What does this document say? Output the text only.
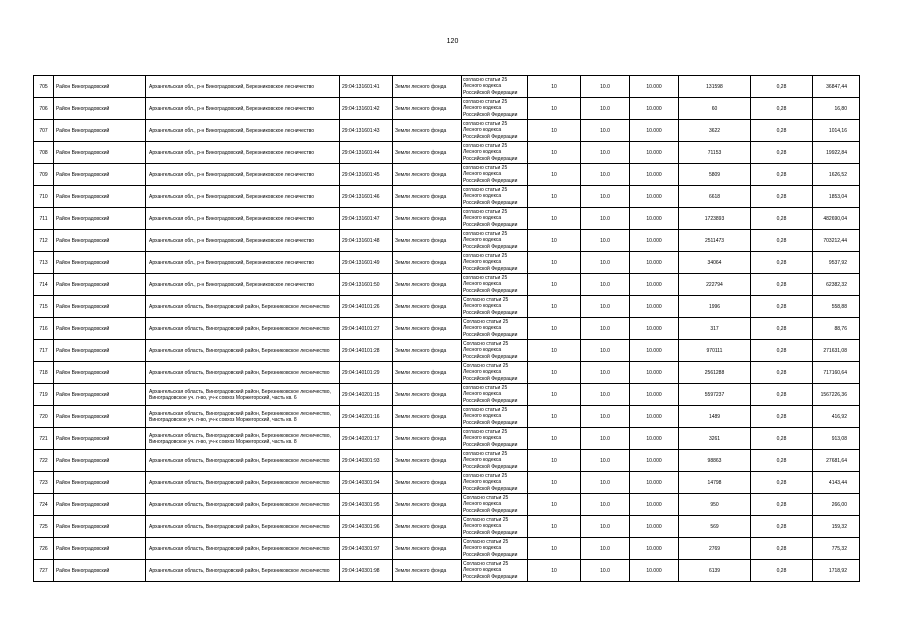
120
705	Район Виноградовский	Архангельская обл., р-н Виноградовский, Березниковское лесничество	29:04:131601:41	Земли лесного фонда	согласно статьи 25 Лесного кодекса Российской Федерации	10	10.0	10.000	131598	0,28	36847,44
706	Район Виноградовский	Архангельская обл., р-н Виноградовский, Березниковское лесничество	29:04:131601:42	Земли лесного фонда	согласно статьи 25 Лесного кодекса Российской Федерации	10	10.0	10.000	60	0,28	16,80
707	Район Виноградовский	Архангельская обл., р-н Виноградовский, Березниковское лесничество	29:04:131601:43	Земли лесного фонда	согласно статьи 25 Лесного кодекса Российской Федерации	10	10.0	10.000	3622	0,28	1014,16
708	Район Виноградовский	Архангельская обл., р-н Виноградовский, Березниковское лесничество	29:04:131601:44	Земли лесного фонда	согласно статьи 25 Лесного кодекса Российской Федерации	10	10.0	10.000	71153	0,28	19922,84
709	Район Виноградовский	Архангельская обл., р-н Виноградовский, Березниковское лесничество	29:04:131601:45	Земли лесного фонда	согласно статьи 25 Лесного кодекса Российской Федерации	10	10.0	10.000	5809	0,28	1626,52
710	Район Виноградовский	Архангельская обл., р-н Виноградовский, Березниковское лесничество	29:04:131601:46	Земли лесного фонда	согласно статьи 25 Лесного кодекса Российской Федерации	10	10.0	10.000	6618	0,28	1853,04
711	Район Виноградовский	Архангельская обл., р-н Виноградовский, Березниковское лесничество	29:04:131601:47	Земли лесного фонда	согласно статьи 25 Лесного кодекса Российской Федерации	10	10.0	10.000	1723893	0,28	482690,04
712	Район Виноградовский	Архангельская обл., р-н Виноградовский, Березниковское лесничество	29:04:131601:48	Земли лесного фонда	согласно статьи 25 Лесного кодекса Российской Федерации	10	10.0	10.000	2511473	0,28	703212,44
713	Район Виноградовский	Архангельская обл., р-н Виноградовский, Березниковское лесничество	29:04:131601:49	Земли лесного фонда	согласно статьи 25 Лесного кодекса Российской Федерации	10	10.0	10.000	34064	0,28	9537,92
714	Район Виноградовский	Архангельская обл., р-н Виноградовский, Березниковское лесничество	29:04:131601:50	Земли лесного фонда	согласно статьи 25 Лесного кодекса Российской Федерации	10	10.0	10.000	222794	0,28	62382,32
715	Район Виноградовский	Архангельская область, Виноградовский район, Березниковское лесничество	29:04:140101:26	Земли лесного фонда	Согласно статьи 25 Лесного кодекса Российской Федерации	10	10.0	10.000	1996	0,28	558,88
716	Район Виноградовский	Архангельская область, Виноградовский район, Березниковское лесничество	29:04:140101:27	Земли лесного фонда	Согласно статьи 25 Лесного кодекса Российской Федерации	10	10.0	10.000	317	0,28	88,76
717	Район Виноградовский	Архангельская область, Виноградовский район, Березниковское лесничество	29:04:140101:28	Земли лесного фонда	Согласно статьи 25 Лесного кодекса Российской Федерации	10	10.0	10.000	970111	0,28	271631,08
718	Район Виноградовский	Архангельская область, Виноградовский район, Березниковское лесничество	29:04:140101:29	Земли лесного фонда	Согласно статьи 25 Лесного кодекса Российской Федерации	10	10.0	10.000	2561288	0,28	717160,64
719	Район Виноградовский	Архангельская область, Виноградовский район, Березниковское лесничество, Виноградовское уч. л-во, уч-к совхоз Моржегорский, часть кв. 6	29:04:140201:15	Земли лесного фонда	согласно статьи 25 Лесного кодекса Российской Федерации	10	10.0	10.000	5597237	0,28	1567226,36
720	Район Виноградовский	Архангельская область, Виноградовский район, Березниковское лесничество, Виноградовское уч. л-во, уч-к совхоз Моржегорский, часть кв. 8	29:04:140201:16	Земли лесного фонда	согласно статьи 25 Лесного кодекса Российской Федерации	10	10.0	10.000	1489	0,28	416,92
721	Район Виноградовский	Архангельская область, Виноградовский район, Березниковское лесничество, Виноградовское уч. л-во, уч-к совхоз Моржегорский, часть кв. 8	29:04:140201:17	Земли лесного фонда	согласно статьи 25 Лесного кодекса Российской Федерации	10	10.0	10.000	3261	0,28	913,08
722	Район Виноградовский	Архангельская область, Виноградовский район, Березниковское лесничество	29:04:140301:93	Земли лесного фонда	согласно статьи 25 Лесного кодекса Российской Федерации	10	10.0	10.000	98863	0,28	27681,64
723	Район Виноградовский	Архангельская область, Виноградовский район, Березниковское лесничество	29:04:140301:94	Земли лесного фонда	согласно статьи 25 Лесного кодекса Российской Федерации	10	10.0	10.000	14798	0,28	4143,44
724	Район Виноградовский	Архангельская область, Виноградовский район, Березниковское лесничество	29:04:140301:95	Земли лесного фонда	Согласно статьи 25 Лесного кодекса Российской Федерации	10	10.0	10.000	950	0,28	266,00
725	Район Виноградовский	Архангельская область, Виноградовский район, Березниковское лесничество	29:04:140301:96	Земли лесного фонда	Согласно статьи 25 Лесного кодекса Российской Федерации	10	10.0	10.000	569	0,28	159,32
726	Район Виноградовский	Архангельская область, Виноградовский район, Березниковское лесничество	29:04:140301:97	Земли лесного фонда	Согласно статьи 25 Лесного кодекса Российской Федерации	10	10.0	10.000	2769	0,28	775,32
727	Район Виноградовский	Архангельская область, Виноградовский район, Березниковское лесничество	29:04:140301:98	Земли лесного фонда	Согласно статьи 25 Лесного кодекса Российской Федерации	10	10.0	10.000	6139	0,28	1718,92
